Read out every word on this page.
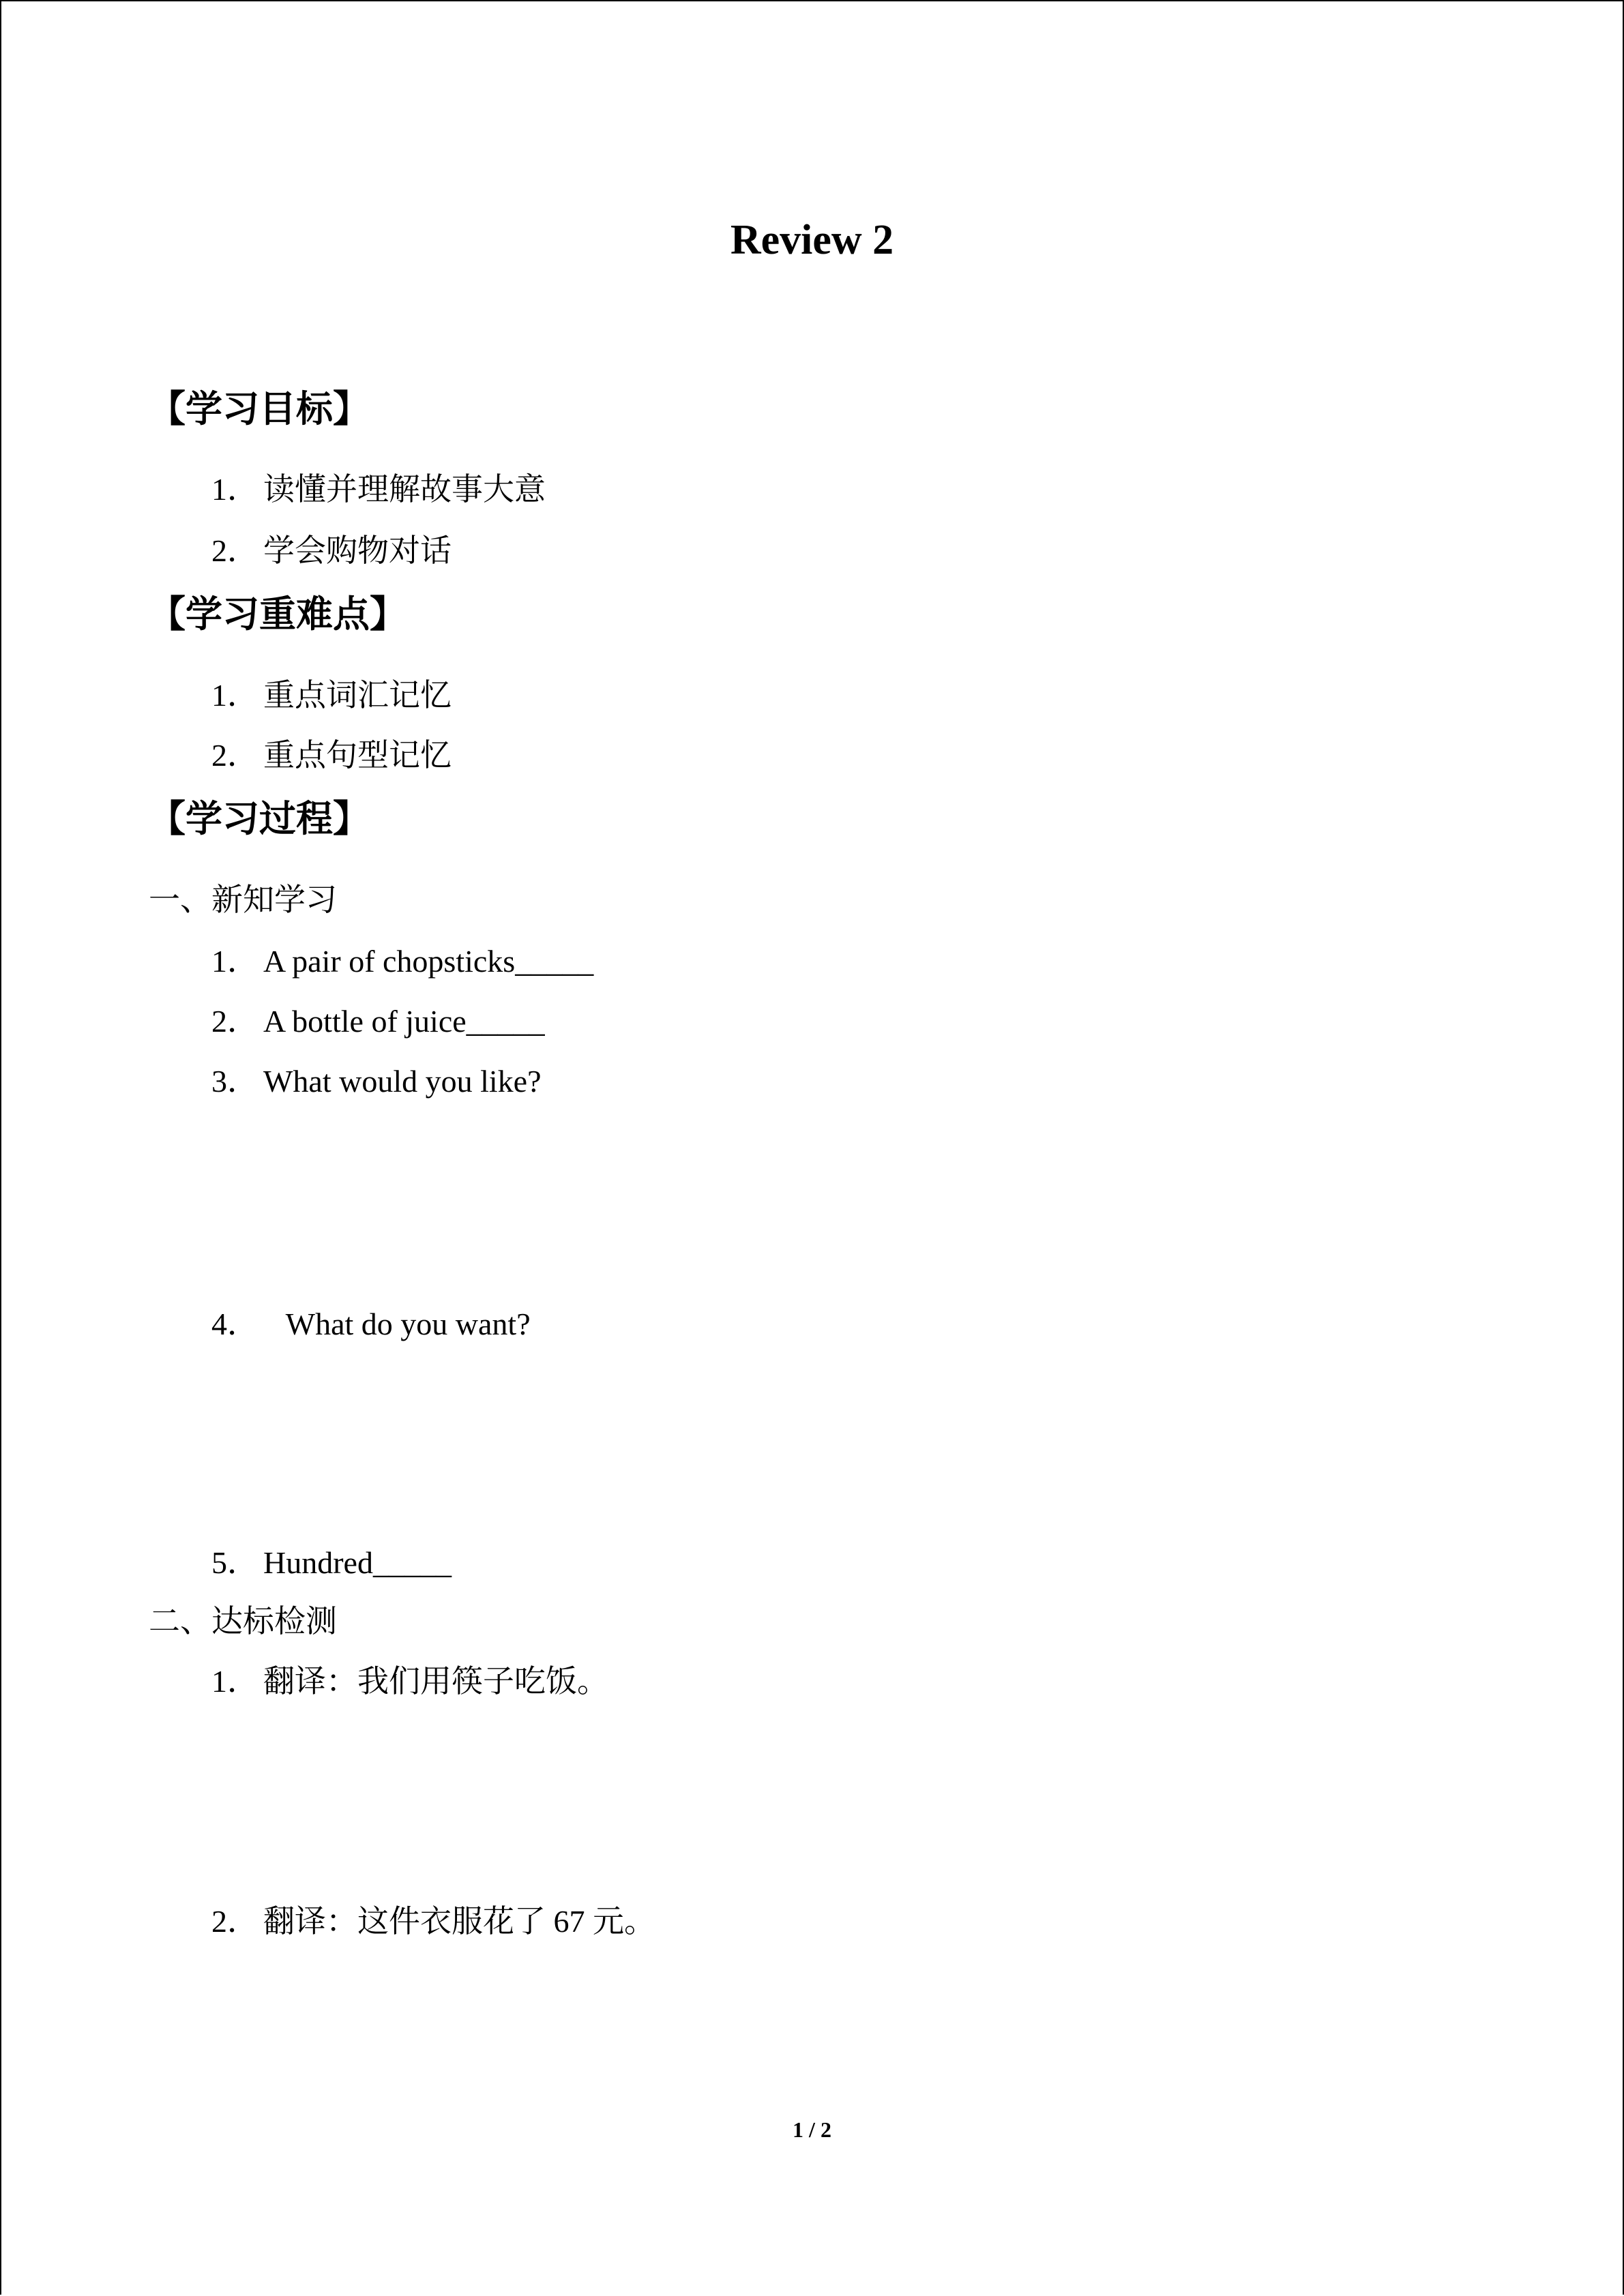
Review 2
【学习目标】
1． 读懂并理解故事大意
2． 学会购物对话
【学习重难点】
1． 重点词汇记忆
2． 重点句型记忆
【学习过程】
一、新知学习
1． A pair of chopsticks_____
2． A bottle of juice_____
3． What would you like?
4． What do you want?
5． Hundred_____
二、达标检测
1． 翻译：我们用筷子吃饭。
2． 翻译：这件衣服花了 67 元。
1 / 2
